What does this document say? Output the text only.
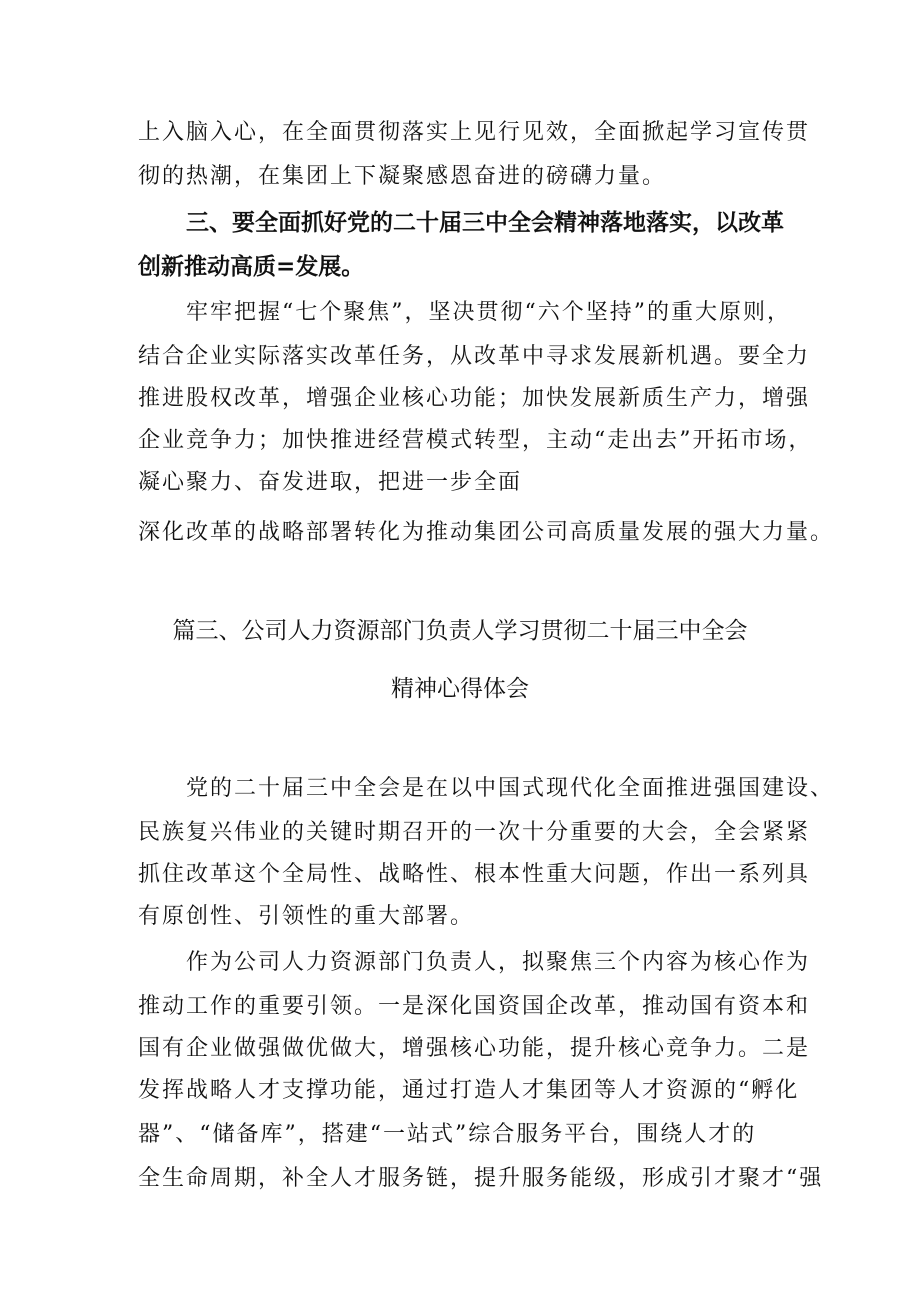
上入脑入心，在全面贯彻落实上见行见效，全面掀起学习宣传贯
彻的热潮，在集团上下凝聚感恩奋进的磅礴力量。
三、要全面抓好党的二十届三中全会精神落地落实，以改革
创新推动高质=发展。
牢牢把握“七个聚焦”，坚决贯彻“六个坚持”的重大原则，
结合企业实际落实改革任务，从改革中寻求发展新机遇。要全力
推进股权改革，增强企业核心功能；加快发展新质生产力，增强
企业竞争力；加快推进经营模式转型，主动“走出去”开拓市场，
凝心聚力、奋发进取，把进一步全面
深化改革的战略部署转化为推动集团公司高质量发展的强大力量。
篇三、公司人力资源部门负责人学习贯彻二十届三中全会
精神心得体会
党的二十届三中全会是在以中国式现代化全面推进强国建设、
民族复兴伟业的关键时期召开的一次十分重要的大会，全会紧紧
抓住改革这个全局性、战略性、根本性重大问题，作出一系列具
有原创性、引领性的重大部署。
作为公司人力资源部门负责人，拟聚焦三个内容为核心作为
推动工作的重要引领。一是深化国资国企改革，推动国有资本和
国有企业做强做优做大，增强核心功能，提升核心竞争力。二是
发挥战略人才支撑功能，通过打造人才集团等人才资源的“孵化
器”、“储备库”，搭建“一站式”综合服务平台，围绕人才的
全生命周期，补全人才服务链，提升服务能级，形成引才聚才“强
